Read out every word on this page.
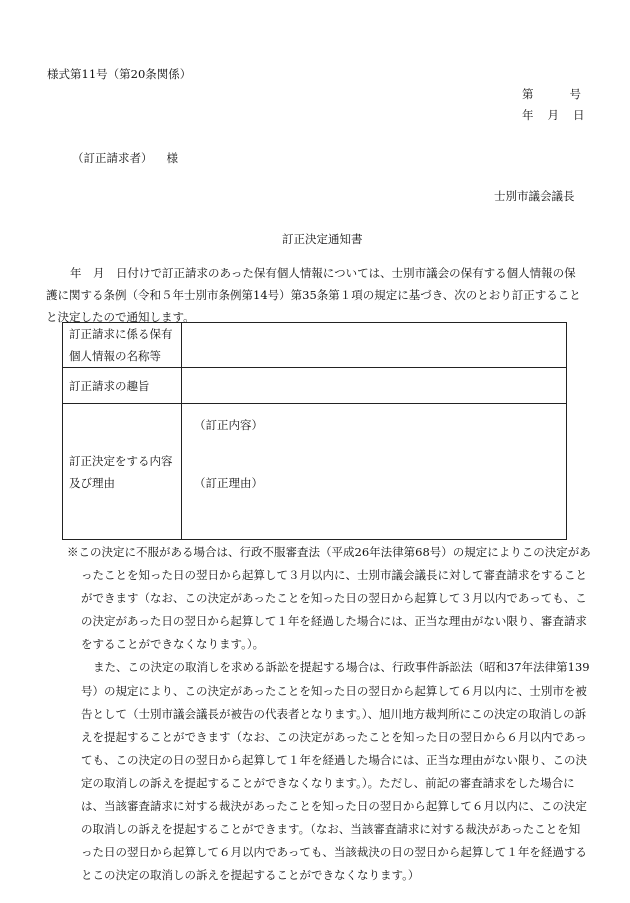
様式第11号（第20条関係）
第	号
年 月 日
（訂正請求者） 様
士別市議会議長
訂正決定通知書
年　月　日付けで訂正請求のあった保有個人情報については、士別市議会の保有する個人情報の保護に関する条例（令和５年士別市条例第14号）第35条第１項の規定に基づき、次のとおり訂正することと決定したので通知します。
訂正請求に係る保有個人情報の名称等	
訂正請求の趣旨	
訂正決定をする内容及び理由	（訂正内容）
（訂正理由）

※この決定に不服がある場合は、行政不服審査法（平成26年法律第68号）の規定によりこの決定があったことを知った日の翌日から起算して３月以内に、士別市議会議長に対して審査請求をすることができます（なお、この決定があったことを知った日の翌日から起算して３月以内であっても、この決定があった日の翌日から起算して１年を経過した場合には、正当な理由がない限り、審査請求をすることができなくなります。）。

また、この決定の取消しを求める訴訟を提起する場合は、行政事件訴訟法（昭和37年法律第139号）の規定により、この決定があったことを知った日の翌日から起算して６月以内に、士別市を被告として（士別市議会議長が被告の代表者となります。）、旭川地方裁判所にこの決定の取消しの訴えを提起することができます（なお、この決定があったことを知った日の翌日から６月以内であっても、この決定の日の翌日から起算して１年を経過した場合には、正当な理由がない限り、この決定の取消しの訴えを提起することができなくなります。）。ただし、前記の審査請求をした場合には、当該審査請求に対する裁決があったことを知った日の翌日から起算して６月以内に、この決定の取消しの訴えを提起することができます。（なお、当該審査請求に対する裁決があったことを知った日の翌日から起算して６月以内であっても、当該裁決の日の翌日から起算して１年を経過するとこの決定の取消しの訴えを提起することができなくなります。）
